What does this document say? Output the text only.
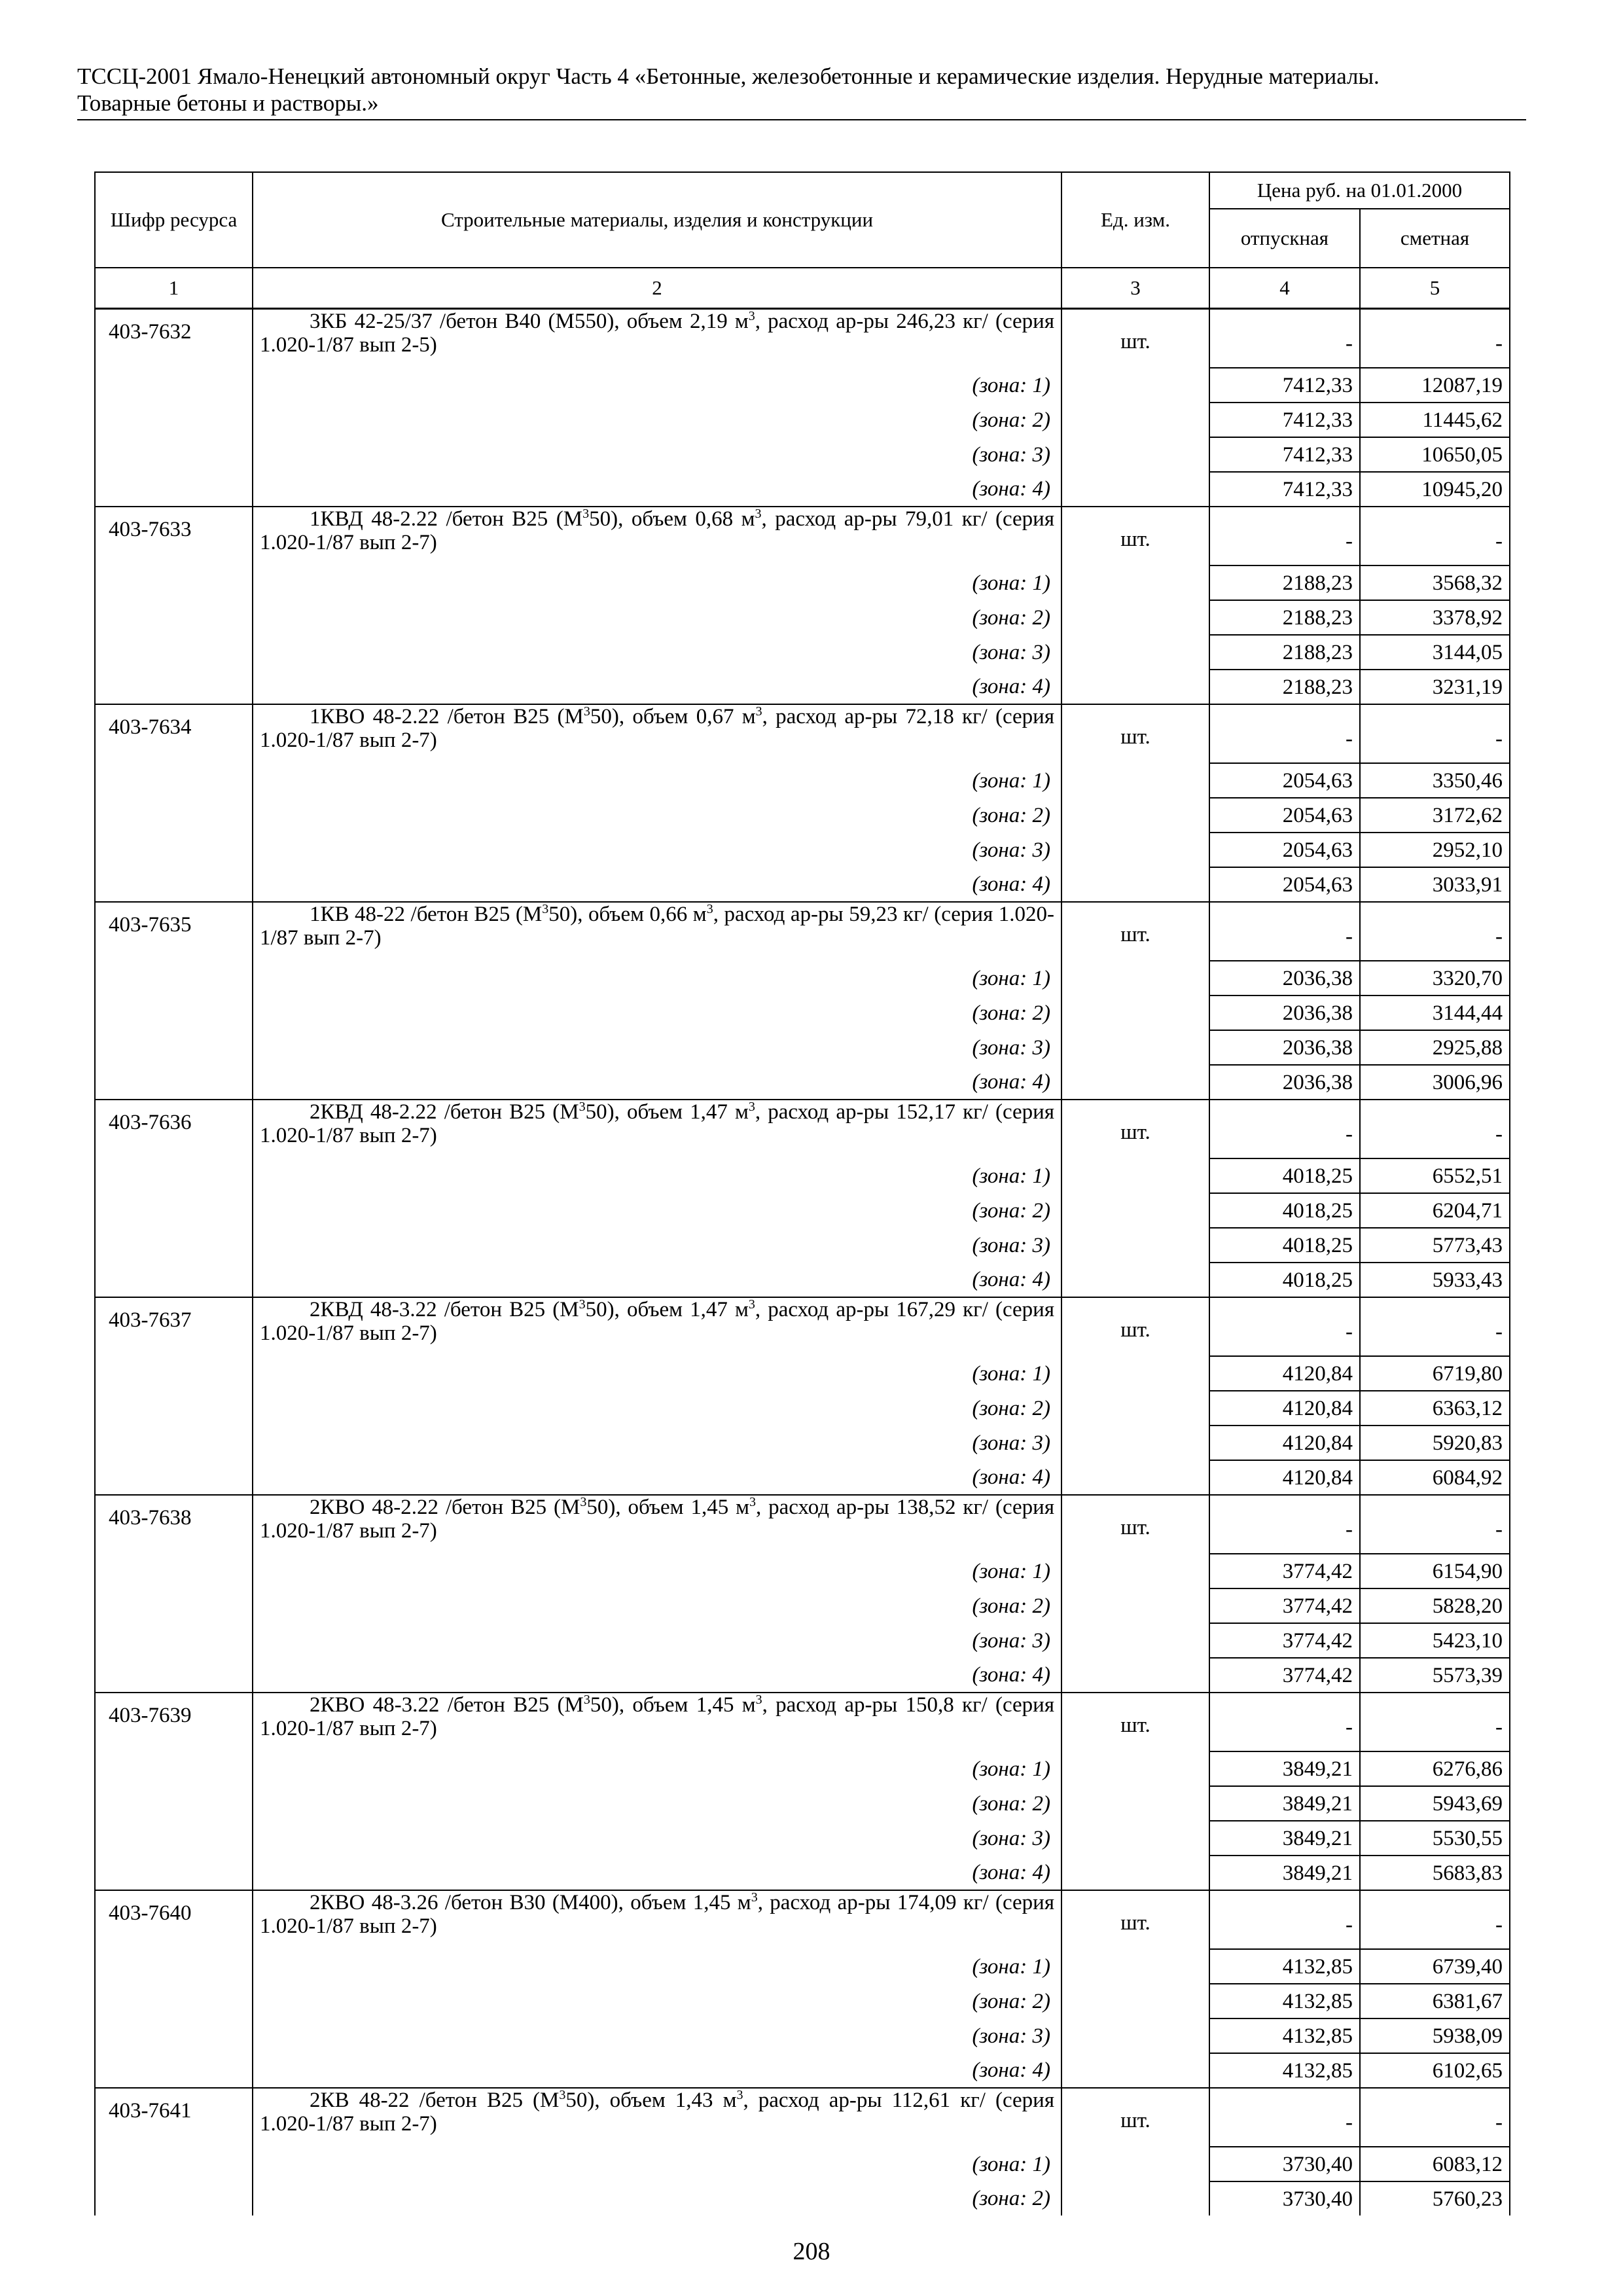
ТССЦ-2001 Ямало-Ненецкий автономный округ Часть 4 «Бетонные, железобетонные и керамические изделия. Нерудные материалы.
Товарные бетоны и растворы.»
Шифр ресурса	Строительные материалы, изделия и конструкции	Ед. изм.	Цена руб. на 01.01.2000	
			отпускная	сметная
1	2	3	4	5
403-7632	3КБ 42-25/37 /бетон В40 (М550), объем 2,19 $м^3$, расход ар-ры 246,23 кг/ (серия 1.020-1/87 вып 2-5)	шт.	-	-
	(зона: 1)		7412,33	12087,19
	(зона: 2)		7412,33	11445,62
	(зона: 3)		7412,33	10650,05
	(зона: 4)		7412,33	10945,20
403-7633	1КВД 48-2.22 /бетон В25 $(М^350)$, объем 0,68 $м^3$, расход ар-ры 79,01 кг/ (серия 1.020-1/87 вып 2-7)	шт.	-	-
	(зона: 1)		2188,23	3568,32
	(зона: 2)		2188,23	3378,92
	(зона: 3)		2188,23	3144,05
	(зона: 4)		2188,23	3231,19
403-7634	1КВО 48-2.22 /бетон В25 $(М^350)$, объем 0,67 $м^3$, расход ар-ры 72,18 кг/ (серия 1.020-1/87 вып 2-7)	шт.	-	-
	(зона: 1)		2054,63	3350,46
	(зона: 2)		2054,63	3172,62
	(зона: 3)		2054,63	2952,10
	(зона: 4)		2054,63	3033,91
403-7635	1КВ 48-22 /бетон В25 $(М^350)$, объем 0,66 $м^3$, расход ар-ры 59,23 кг/ (серия 1.020-1/87 вып 2-7)	шт.	-	-
	(зона: 1)		2036,38	3320,70
	(зона: 2)		2036,38	3144,44
	(зона: 3)		2036,38	2925,88
	(зона: 4)		2036,38	3006,96
403-7636	2КВД 48-2.22 /бетон В25 $(М^350)$, объем 1,47 $м^3$, расход ар-ры 152,17 кг/ (серия 1.020-1/87 вып 2-7)	шт.	-	-
	(зона: 1)		4018,25	6552,51
	(зона: 2)		4018,25	6204,71
	(зона: 3)		4018,25	5773,43
	(зона: 4)		4018,25	5933,43
403-7637	2КВД 48-3.22 /бетон В25 $(М^350)$, объем 1,47 $м^3$, расход ар-ры 167,29 кг/ (серия 1.020-1/87 вып 2-7)	шт.	-	-
	(зона: 1)		4120,84	6719,80
	(зона: 2)		4120,84	6363,12
	(зона: 3)		4120,84	5920,83
	(зона: 4)		4120,84	6084,92
403-7638	2КВО 48-2.22 /бетон В25 $(М^350)$, объем 1,45 $м^3$, расход ар-ры 138,52 кг/ (серия 1.020-1/87 вып 2-7)	шт.	-	-
	(зона: 1)		3774,42	6154,90
	(зона: 2)		3774,42	5828,20
	(зона: 3)		3774,42	5423,10
	(зона: 4)		3774,42	5573,39
403-7639	2КВО 48-3.22 /бетон В25 $(М^350)$, объем 1,45 $м^3$, расход ар-ры 150,8 кг/ (серия 1.020-1/87 вып 2-7)	шт.	-	-
	(зона: 1)		3849,21	6276,86
	(зона: 2)		3849,21	5943,69
	(зона: 3)		3849,21	5530,55
	(зона: 4)		3849,21	5683,83
403-7640	2КВО 48-3.26 /бетон В30 (М400), объем 1,45 $м^3$, расход ар-ры 174,09 кг/ (серия 1.020-1/87 вып 2-7)	шт.	-	-
	(зона: 1)		4132,85	6739,40
	(зона: 2)		4132,85	6381,67
	(зона: 3)		4132,85	5938,09
	(зона: 4)		4132,85	6102,65
403-7641	2КВ 48-22 /бетон В25 $(М^350)$, объем 1,43 $м^3$, расход ар-ры 112,61 кг/ (серия 1.020-1/87 вып 2-7)	шт.	-	-
	(зона: 1)		3730,40	6083,12
	(зона: 2)		3730,40	5760,23
208
